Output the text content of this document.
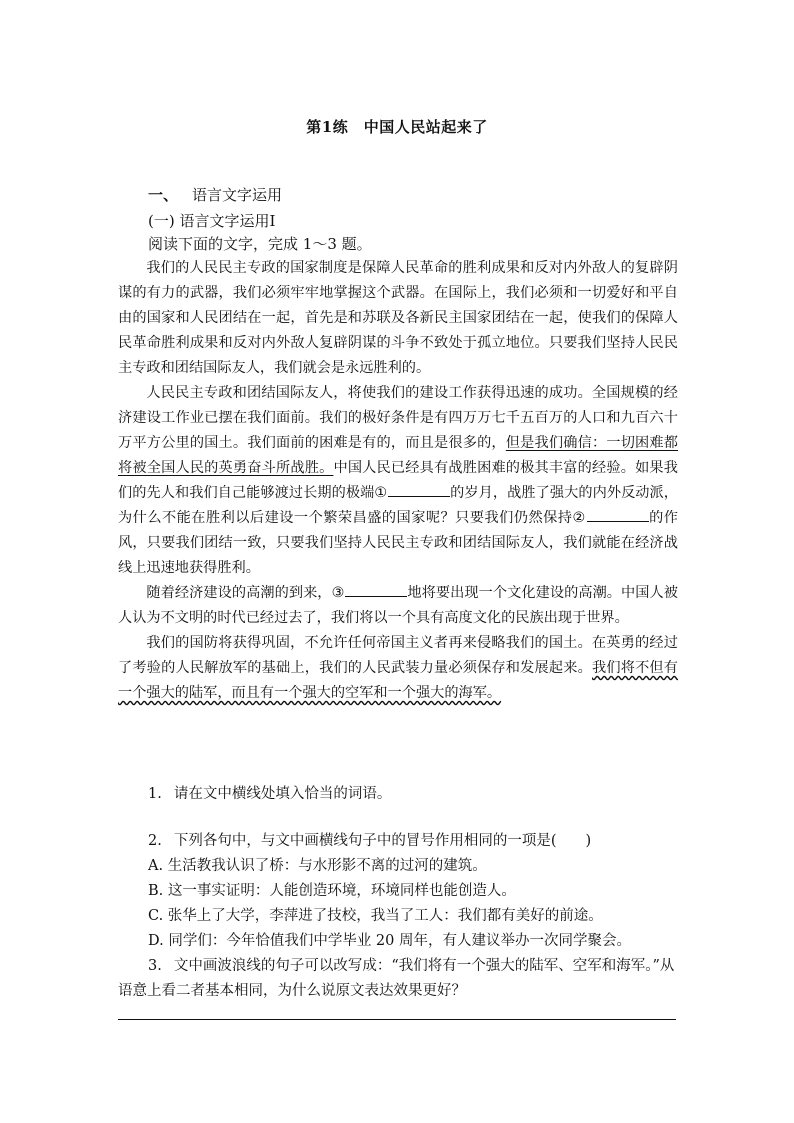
第1练　中国人民站起来了
一、 语言文字运用
(一) 语言文字运用Ⅰ
阅读下面的文字，完成 1～3 题。

我们的人民民主专政的国家制度是保障人民革命的胜利成果和反对内外敌人的复辟阴谋的有力的武器，我们必须牢牢地掌握这个武器。在国际上，我们必须和一切爱好和平自由的国家和人民团结在一起，首先是和苏联及各新民主国家团结在一起，使我们的保障人民革命胜利成果和反对内外敌人复辟阴谋的斗争不致处于孤立地位。只要我们坚持人民民主专政和团结国际友人，我们就会是永远胜利的。

人民民主专政和团结国际友人，将使我们的建设工作获得迅速的成功。全国规模的经济建设工作业已摆在我们面前。我们的极好条件是有四万万七千五百万的人口和九百六十万平方公里的国土。我们面前的困难是有的，而且是很多的，但是我们确信：一切困难都将被全国人民的英勇奋斗所战胜。中国人民已经具有战胜困难的极其丰富的经验。如果我们的先人和我们自己能够渡过长期的极端①	的岁月，战胜了强大的内外反动派，为什么不能在胜利以后建设一个繁荣昌盛的国家呢？只要我们仍然保持②	的作风，只要我们团结一致，只要我们坚持人民民主专政和团结国际友人，我们就能在经济战线上迅速地获得胜利。

随着经济建设的高潮的到来，③	地将要出现一个文化建设的高潮。中国人被人认为不文明的时代已经过去了，我们将以一个具有高度文化的民族出现于世界。

我们的国防将获得巩固，不允许任何帝国主义者再来侵略我们的国土。在英勇的经过了考验的人民解放军的基础上，我们的人民武装力量必须保存和发展起来。我们将不但有一个强大的陆军，而且有一个强大的空军和一个强大的海军。

1. 请在文中横线处填入恰当的词语。

2. 下列各句中，与文中画横线句子中的冒号作用相同的一项是(　　)

A. 生活教我认识了桥：与水形影不离的过河的建筑。

B. 这一事实证明：人能创造环境，环境同样也能创造人。

C. 张华上了大学，李萍进了技校，我当了工人：我们都有美好的前途。

D. 同学们：今年恰值我们中学毕业 20 周年，有人建议举办一次同学聚会。

3. 文中画波浪线的句子可以改写成：“我们将有一个强大的陆军、空军和海军。”从语意上看二者基本相同，为什么说原文表达效果更好？
